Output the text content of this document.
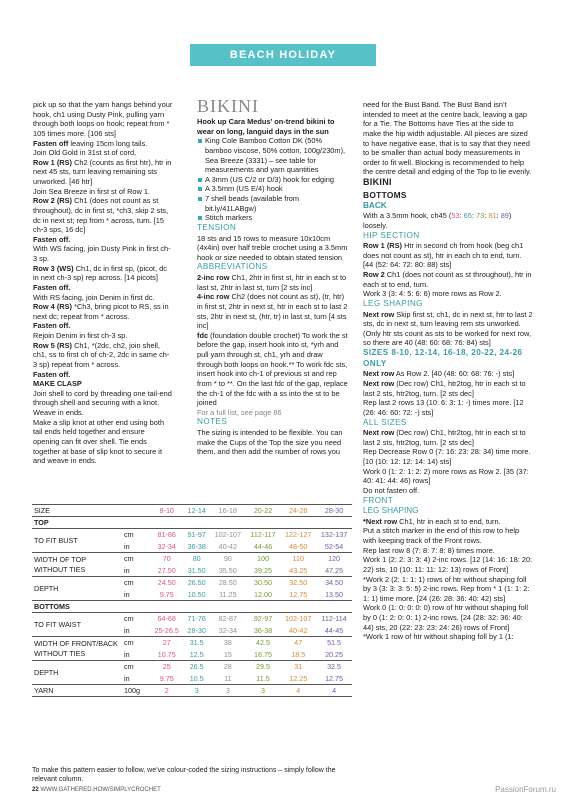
BEACH HOLIDAY COLLECTION

pick up so that the yarn hangs behind your hook, ch1 using Dusty Pink, pulling yarn through both loops on hook; repeat from * 105 times more. [106 sts]

Fasten off leaving 15cm long tails.

Join Old Gold in 31st st of cord,

Row 1 (RS) Ch2 (counts as first htr), htr in next 45 sts, turn leaving remaining sts unworked. [46 htr]

Join Sea Breeze in first st of Row 1.

Row 2 (RS) Ch1 (does not count as st throughout), dc in first st, *ch3, skip 2 sts, dc in next st; rep from * across, turn. [15 ch-3 sps, 16 dc]

Fasten off.

With WS facing, join Dusty Pink in first ch-3 sp.

Row 3 (WS) Ch1, dc in first sp, (picot, dc in next ch-3 sp) rep across. [14 picots]

Fasten off.

With RS facing, join Denim in first dc.

Row 4 (RS) *Ch3, bring picot to RS, ss in next dc; repeat from * across.

Fasten off.

Rejoin Denim in first ch-3 sp.

Row 5 (RS) Ch1, *(2dc, ch2, join shell, ch1, ss to first ch of ch-2, 2dc in same ch-3 sp) repeat from * across.

Fasten off.

MAKE CLASP

Join shell to cord by threading one tail-end through shell and securing with a knot. Weave in ends.

Make a slip knot at other end using both tail ends held together and ensure opening can fit over shell. Tie ends together at base of slip knot to secure it and weave in ends.

BIKINI

Hook up Cara Medus’ on-trend bikini to wear on long, languid days in the sun

King Cole Bamboo Cotton DK (50% bamboo viscose, 50% cotton, 100g/230m), Sea Breeze (3331) – see table for measurements and yarn quantities

A 3mm (US C/2 or D/3) hook for edging

A 3.5mm (US E/4) hook

7 shell beads (available from bit.ly/41LABgw)

Stitch markers

TENSION

18 sts and 15 rows to measure 10x10cm (4x4in) over half treble crochet using a 3.5mm hook or size needed to obtain stated tension

ABBREVIATIONS

2-inc row Ch1, 2htr in first st, htr in each st to last st, 2htr in last st, turn [2 sts inc]

4-inc row Ch2 (does not count as st), (tr, htr) in first st, 2htr in next st, htr in each st to last 2 sts, 2htr in next st, (htr, tr) in last st, turn [4 sts inc]

fdc (foundation double crochet) To work the st before the gap, insert hook into st, *yrh and pull yarn through st, ch1, yrh and draw through both loops on hook.** To work fdc sts, insert hook into ch-1 of previous st and rep from * to **. On the last fdc of the gap, replace the ch-1 of the fdc with a ss into the st to be joined

For a full list, see page 86

NOTES

The sizing is intended to be flexible. You can make the Cups of the Top the size you need them, and then add the number of rows you

need for the Bust Band. The Bust Band isn’t intended to meet at the centre back, leaving a gap for a Tie. The Bottoms have Ties at the side to make the hip width adjustable. All pieces are sized to have negative ease, that is to say that they need to be smaller than actual body measurements in order to fit well. Blocking is recommended to help the centre detail and edging of the Top to lie evenly.

BIKINI

BOTTOMS

BACK

With a 3.5mm hook, ch45 (53: 65: 73: 81: 89) loosely.

HIP SECTION

Row 1 (RS) Htr in second ch from hook (beg ch1 does not count as st), htr in each ch to end, turn. [44 (52: 64: 72: 80: 88) sts]

Row 2 Ch1 (does not count as st throughout), htr in each st to end, turn.

Work 3 (3: 4: 5: 6: 6) more rows as Row 2.

LEG SHAPING

Next row Skip first st, ch1, dc in next st, htr to last 2 sts, dc in next st, turn leaving rem sts unworked. (Only htr sts count as sts to be worked for next row, so there are 40 (48: 60: 68: 76: 84) sts]

SIZES 8-10, 12-14, 16-18, 20-22, 24-26 ONLY

Next row As Row 2. [40 (48: 60: 68: 76: -) sts]

Next row (Dec row) Ch1, htr2tog, htr in each st to last 2 sts, htr2tog, turn. [2 sts dec]

Rep last 2 rows 13 (10: 6: 3: 1: -) times more. [12 (26: 46: 60: 72: -) sts]

ALL SIZES

Next row (Dec row) Ch1, htr2tog, htr in each st to last 2 sts, htr2tog, turn. [2 sts dec]

Rep Decrease Row 0 (7: 16: 23: 28: 34) time more. [10 (10: 12: 12: 14: 14) sts]

Work 0 (1: 2: 1: 2: 2) more rows as Row 2. [35 (37: 40: 41: 44: 46) rows]

Do not fasten off.

FRONT

LEG SHAPING

*Next row Ch1, htr in each st to end, turn.

Put a stitch marker in the end of this row to help with keeping track of the Front rows.

Rep last row 8 (7: 8: 7: 8: 8) times more.

Work 1 (2: 2: 3: 3: 4) 2-inc rows. [12 (14: 16: 18: 20: 22) sts, 10 (10: 11: 11: 12: 13) rows of Front]

*Work 2 (2: 1: 1: 1) rows of htr without shaping foll by 3 (3: 3: 3: 5: 5) 2-inc rows. Rep from * 1 (1: 1: 2: 1: 1) time more. [24 (26: 28: 36: 40: 42) sts]

Work 0 (1: 0: 0: 0: 0) row of htr without shaping foll by 0 (1: 2: 0: 0: 1) 2-inc rows. [24 (28: 32: 36: 40: 44) sts, 20 (22: 23: 23: 24: 26) rows of Front]

*Work 1 row of htr without shaping foll by 1 (1:

SIZE		8-10	12-14	16-18	20-22	24-26	28-30
TOP							
TO FIT BUST	cm	81-86	91-97	102-107	112-117	122-127	132-137
	in	32-34	36-38	40-42	44-46	48-50	52-54
WIDTH OF TOP WITHOUT TIES	cm	70	80	90	100	110	120
	in	27.50	31.50	35.50	39.25	43.25	47.25
DEPTH	cm	24.50	26.50	28.50	30.50	32.50	34.50
	in	9.75	10.50	11.25	12.00	12.75	13.50
BOTTOMS							
TO FIT WAIST	cm	64-68	71-76	82-87	92-97	102-107	112-114
	in	25-26.5	28-30	32-34	36-38	40-42	44-45
WIDTH OF FRONT/BACK WITHOUT TIES	cm	27	31.5	38	42.5	47	51.5
	in	10.75	12.5	15	16.75	18.5	20.25
DEPTH	cm	25	26.5	28	29.5	31	32.5
	in	9.75	10.5	11	11.5	12.25	12.75
YARN	100g	2	3	3	3	4	4

To make this pattern easier to follow, we’ve colour-coded the sizing instructions – simply follow the relevant column.

22 WWW.GATHERED.HOW/SIMPLYCROCHET	PassionForum.ru
